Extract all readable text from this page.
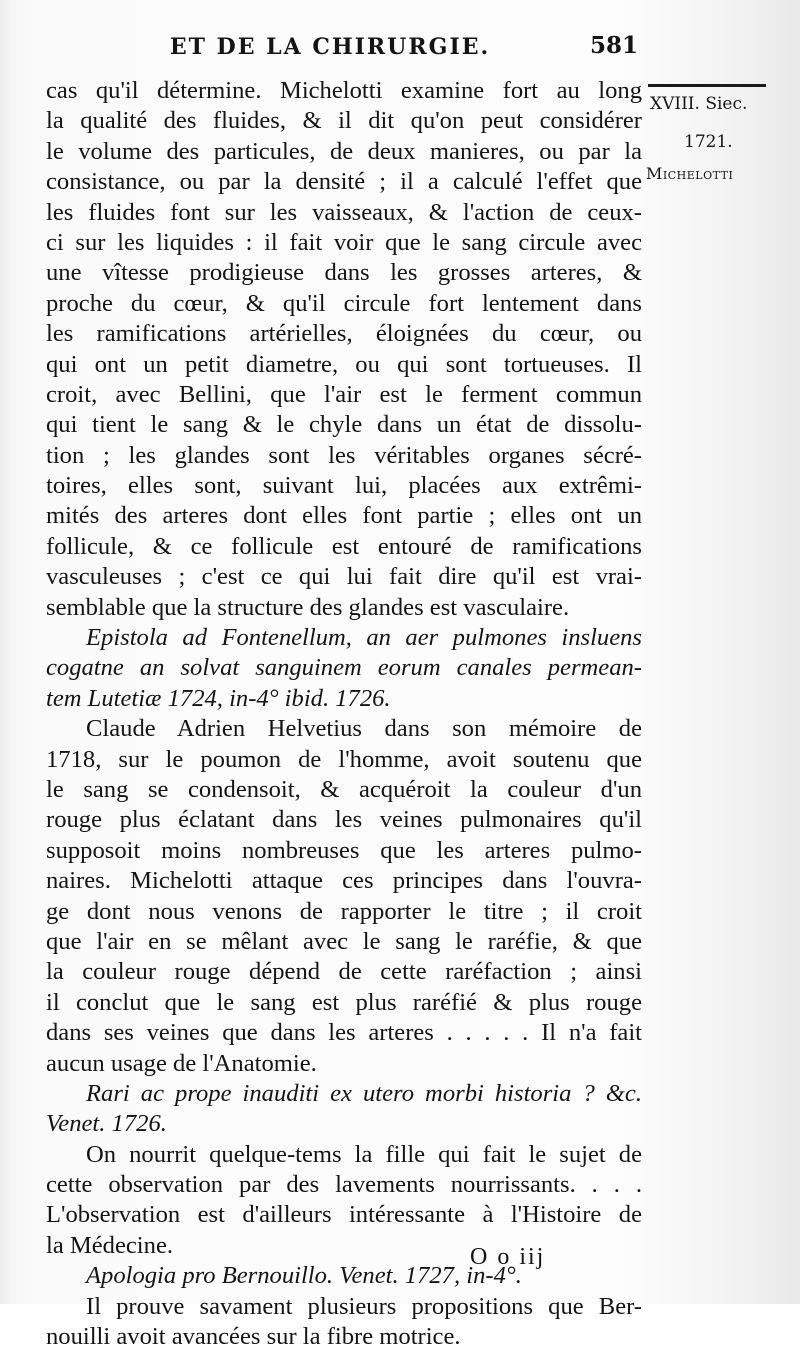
ET DE LA CHIRURGIE.	581
XVIII. Siec.
1721.
Michelotti
cas qu'il détermine. Michelotti examine fort au long
la qualité des fluides, & il dit qu'on peut considérer
le volume des particules, de deux manieres, ou par la
consistance, ou par la densité ; il a calculé l'effet que
les fluides font sur les vaisseaux, & l'action de ceux-
ci sur les liquides : il fait voir que le sang circule avec
une vîtesse prodigieuse dans les grosses arteres, &
proche du cœur, & qu'il circule fort lentement dans
les ramifications artérielles, éloignées du cœur, ou
qui ont un petit diametre, ou qui sont tortueuses. Il
croit, avec Bellini, que l'air est le ferment commun
qui tient le sang & le chyle dans un état de dissolu-
tion ; les glandes sont les véritables organes sécré-
toires, elles sont, suivant lui, placées aux extrêmi-
mités des arteres dont elles font partie ; elles ont un
follicule, & ce follicule est entouré de ramifications
vasculeuses ; c'est ce qui lui fait dire qu'il est vrai-
semblable que la structure des glandes est vasculaire.
Epistola ad Fontenellum, an aer pulmones insluens
cogatne an solvat sanguinem eorum canales permean-
tem Lutetiæ 1724, in-4° ibid. 1726.
Claude Adrien Helvetius dans son mémoire de
1718, sur le poumon de l'homme, avoit soutenu que
le sang se condensoit, & acquéroit la couleur d'un
rouge plus éclatant dans les veines pulmonaires qu'il
supposoit moins nombreuses que les arteres pulmo-
naires. Michelotti attaque ces principes dans l'ouvra-
ge dont nous venons de rapporter le titre ; il croit
que l'air en se mêlant avec le sang le raréfie, & que
la couleur rouge dépend de cette raréfaction ; ainsi
il conclut que le sang est plus raréfié & plus rouge
dans ses veines que dans les arteres . . . . . Il n'a fait
aucun usage de l'Anatomie.
Rari ac prope inauditi ex utero morbi historia ? &c.
Venet. 1726.
On nourrit quelque-tems la fille qui fait le sujet de
cette observation par des lavements nourrissants. . . .
L'observation est d'ailleurs intéressante à l'Histoire de
la Médecine.
Apologia pro Bernouillo. Venet. 1727, in-4°.
Il prouve savament plusieurs propositions que Ber-
nouilli avoit avancées sur la fibre motrice.
O o iij
